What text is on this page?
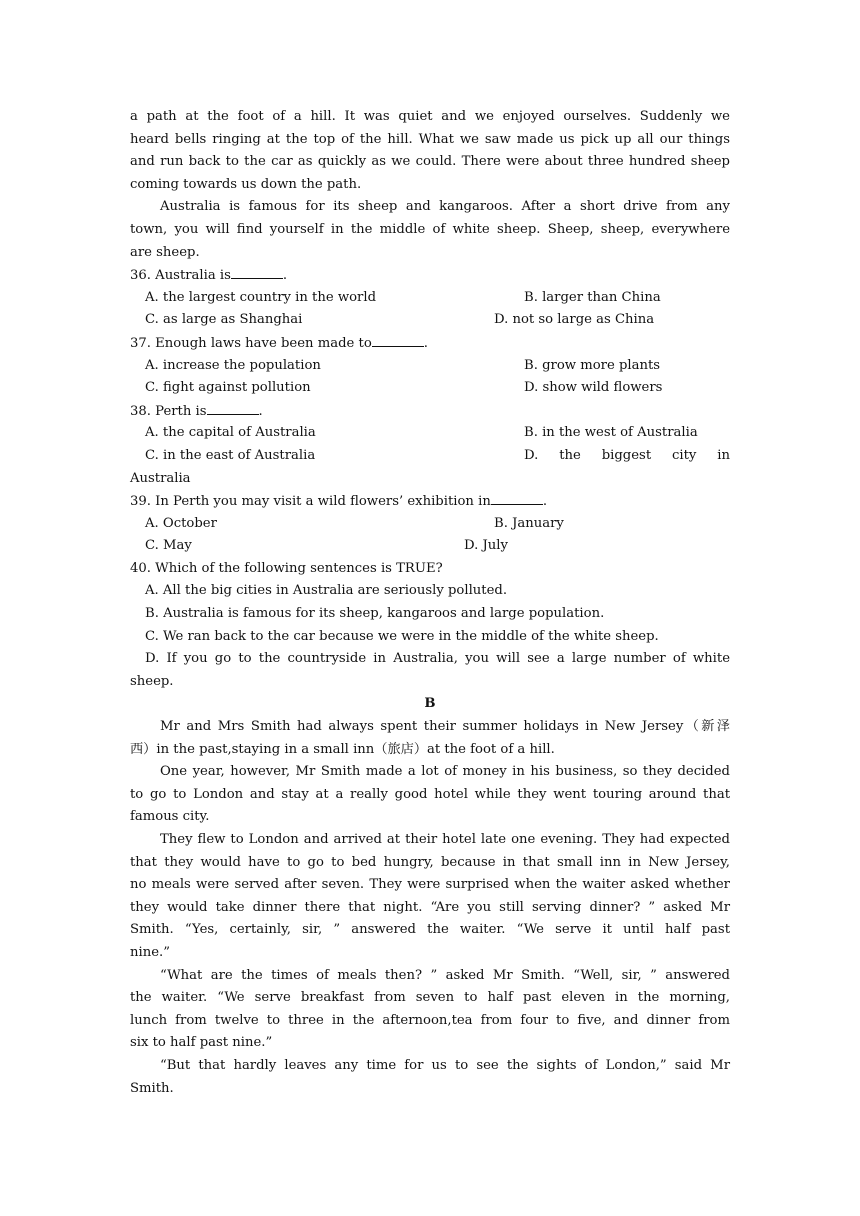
a path at the foot of a hill. It was quiet and we enjoyed ourselves. Suddenly we
heard bells ringing at the top of the hill. What we saw made us pick up all our things
and run back to the car as quickly as we could. There were about three hundred sheep
coming towards us down the path.
Australia is famous for its sheep and kangaroos. After a short drive from any
town, you will find yourself in the middle of white sheep. Sheep, sheep, everywhere
are sheep.
36. Australia is	.
A. the largest country in the world	B. larger than China
C. as large as Shanghai	D. not so large as China
37. Enough laws have been made to	.
A. increase the population	B. grow more plants
C. fight against pollution	D. show wild flowers
38. Perth is	.
A. the capital of Australia	B. in the west of Australia
C. in the east of Australia	D. the biggest city in
Australia
39. In Perth you may visit a wild flowers’ exhibition in	.
A. October	B. January
C. May	D. July
40. Which of the following sentences is TRUE?
A. All the big cities in Australia are seriously polluted.
B. Australia is famous for its sheep, kangaroos and large population.
C. We ran back to the car because we were in the middle of the white sheep.
D. If you go to the countryside in Australia, you will see a large number of white
sheep.
B
Mr and Mrs Smith had always spent their summer holidays in New Jersey（新泽
西）in the past,staying in a small inn（旅店）at the foot of a hill.
One year, however, Mr Smith made a lot of money in his business, so they decided
to go to London and stay at a really good hotel while they went touring around that
famous city.
They flew to London and arrived at their hotel late one evening. They had expected
that they would have to go to bed hungry, because in that small inn in New Jersey,
no meals were served after seven. They were surprised when the waiter asked whether
they would take dinner there that night. “Are you still serving dinner? ” asked Mr
Smith. “Yes, certainly, sir, ” answered the waiter. “We serve it until half past
nine.”
“What are the times of meals then? ” asked Mr Smith. “Well, sir, ” answered
the waiter. “We serve breakfast from seven to half past eleven in the morning,
lunch from twelve to three in the afternoon,tea from four to five, and dinner from
six to half past nine.”
“But that hardly leaves any time for us to see the sights of London,” said Mr
Smith.
